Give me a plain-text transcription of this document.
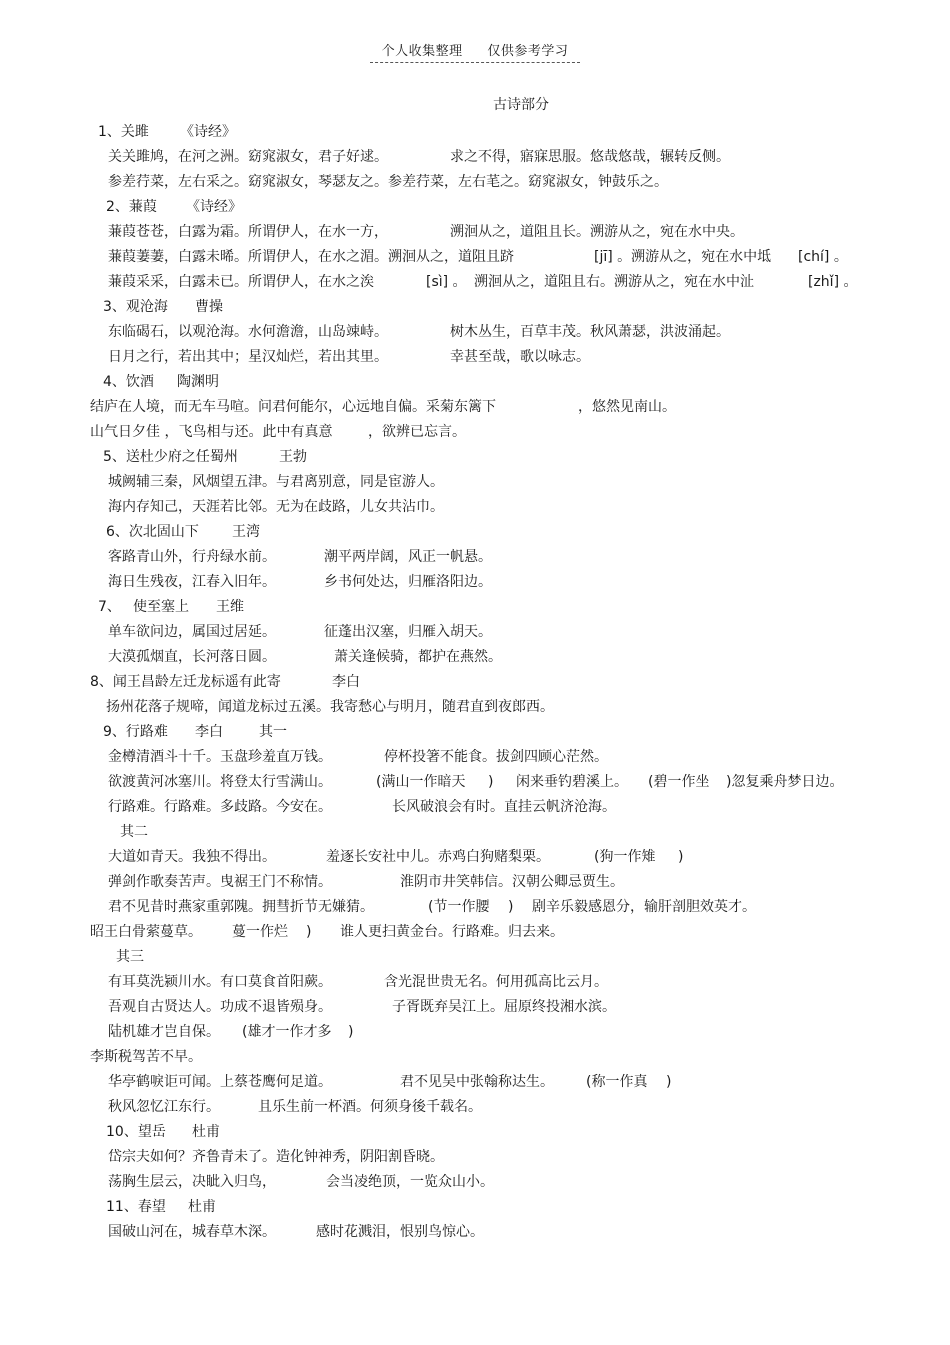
个人收集整理 仅供参考学习
古诗部分
1、关雎 《诗经》
关关雎鸠，在河之洲。窈窕淑女，君子好逑。	求之不得，寤寐思服。悠哉悠哉，辗转反侧。
参差荇菜，左右采之。窈窕淑女，琴瑟友之。参差荇菜，左右芼之。窈窕淑女，钟鼓乐之。
2、蒹葭 《诗经》
蒹葭苍苍，白露为霜。所谓伊人，在水一方，	溯洄从之，道阻且长。溯游从之，宛在水中央。
蒹葭萋萋，白露未晞。所谓伊人，在水之湄。溯洄从之，道阻且跻	[jī] 。溯游从之，宛在水中坻 [chí] 。
蒹葭采采，白露未已。所谓伊人，在水之涘	[sì] 。 溯洄从之，道阻且右。溯游从之，宛在水中沚	[zhǐ] 。
3、观沧海 曹操
东临碣石，以观沧海。水何澹澹，山岛竦峙。	树木丛生，百草丰茂。秋风萧瑟，洪波涌起。
日月之行，若出其中；星汉灿烂，若出其里。	幸甚至哉，歌以咏志。
4、饮酒 陶渊明
结庐在人境，而无车马喧。问君何能尔，心远地自偏。采菊东篱下	，悠然见南山。
山气日夕佳 ，飞鸟相与还。此中有真意	，欲辨已忘言。
5、送杜少府之任蜀州	王勃
城阙辅三秦，风烟望五津。与君离别意，同是宦游人。
海内存知己，天涯若比邻。无为在歧路，儿女共沾巾。
6、次北固山下 王湾
客路青山外，行舟绿水前。	潮平两岸阔，风正一帆悬。
海日生残夜，江春入旧年。	乡书何处达，归雁洛阳边。
7、 使至塞上 王维
单车欲问边，属国过居延。	征蓬出汉塞，归雁入胡天。
大漠孤烟直，长河落日圆。	萧关逢候骑，都护在燕然。
8、闻王昌龄左迁龙标遥有此寄	李白
扬州花落子规啼，闻道龙标过五溪。我寄愁心与明月，随君直到夜郎西。
9、行路难 李白	其一
金樽清酒斗十千。玉盘珍羞直万钱。	停杯投箸不能食。拔剑四顾心茫然。
欲渡黄河冰塞川。将登太行雪满山。	(满山一作暗天 ) 闲来垂钓碧溪上。 (碧一作坐 )忽复乘舟梦日边。
行路难。行路难。多歧路。今安在。	长风破浪会有时。直挂云帆济沧海。
其二
大道如青天。我独不得出。	羞逐长安社中儿。赤鸡白狗赌梨栗。	(狗一作雉 )
弹剑作歌奏苦声。曳裾王门不称情。	淮阴市井笑韩信。汉朝公卿忌贾生。
君不见昔时燕家重郭隗。拥彗折节无嫌猜。	(节一作腰 ) 剧辛乐毅感恩分，输肝剖胆效英才。
昭王白骨萦蔓草。 蔓一作烂 ) 谁人更扫黄金台。行路难。归去来。
其三
有耳莫洗颍川水。有口莫食首阳蕨。	含光混世贵无名。何用孤高比云月。
吾观自古贤达人。功成不退皆殒身。	子胥既弃吴江上。屈原终投湘水滨。
陆机雄才岂自保。 (雄才一作才多 )
李斯税驾苦不早。
华亭鹤唳讵可闻。上蔡苍鹰何足道。	君不见吴中张翰称达生。 (称一作真 )
秋风忽忆江东行。	且乐生前一杯酒。何须身後千载名。
10、望岳 杜甫
岱宗夫如何？齐鲁青未了。造化钟神秀，阴阳割昏晓。
荡胸生层云，决眦入归鸟，	会当凌绝顶，一览众山小。
11、春望 杜甫
国破山河在，城春草木深。	感时花溅泪，恨别鸟惊心。
